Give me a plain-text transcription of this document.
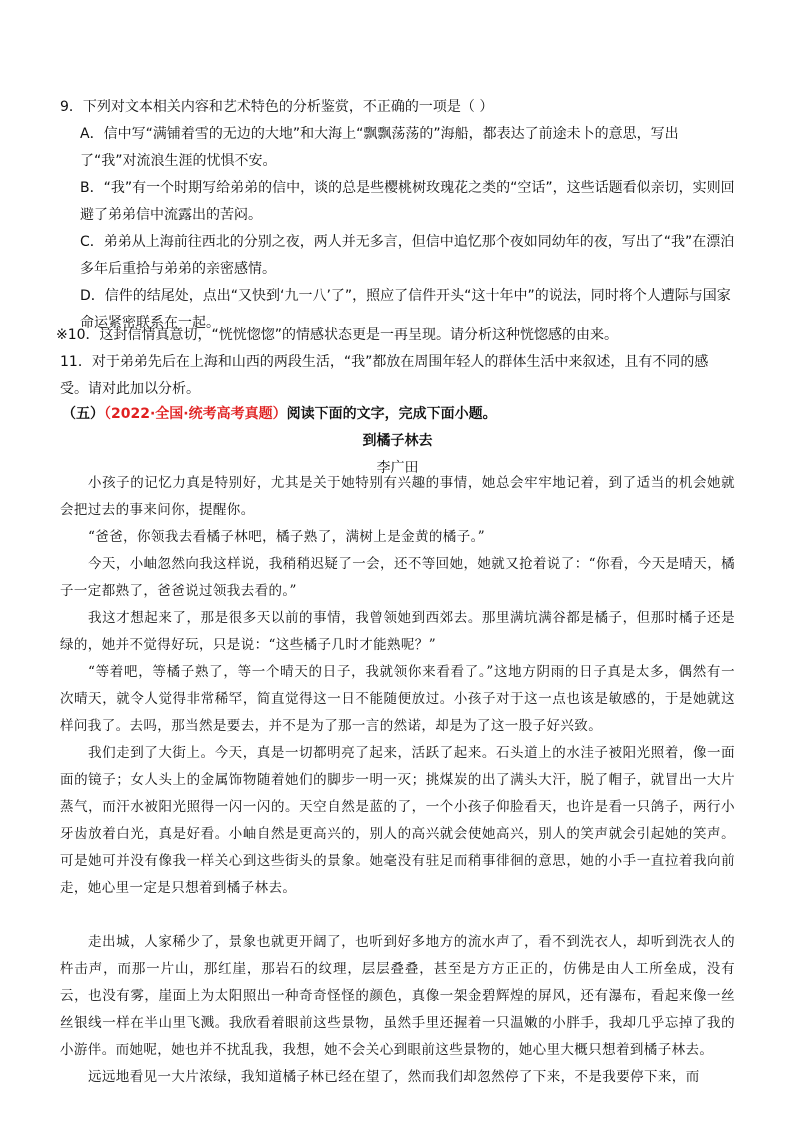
9．下列对文本相关内容和艺术特色的分析鉴赏，不正确的一项是（ ）
A．信中写“满铺着雪的无边的大地”和大海上“飘飘荡荡的”海船，都表达了前途未卜的意思，写出了“我”对流浪生涯的忧惧不安。
B．“我”有一个时期写给弟弟的信中，谈的总是些樱桃树玫瑰花之类的“空话”，这些话题看似亲切，实则回避了弟弟信中流露出的苦闷。
C．弟弟从上海前往西北的分别之夜，两人并无多言，但信中追忆那个夜如同幼年的夜，写出了“我”在漂泊多年后重拾与弟弟的亲密感情。
D．信件的结尾处，点出“又快到‘九一八’了”，照应了信件开头“这十年中”的说法，同时将个人遭际与国家命运紧密联系在一起。
※10．这封信情真意切，“恍恍惚惚”的情感状态更是一再呈现。请分析这种恍惚感的由来。
11．对于弟弟先后在上海和山西的两段生活，“我”都放在周围年轻人的群体生活中来叙述，且有不同的感受。请对此加以分析。
（五）（2022·全国·统考高考真题）阅读下面的文字，完成下面小题。
到橘子林去
李广田
小孩子的记忆力真是特别好，尤其是关于她特别有兴趣的事情，她总会牢牢地记着，到了适当的机会她就会把过去的事来问你，提醒你。
“爸爸，你领我去看橘子林吧，橘子熟了，满树上是金黄的橘子。”
今天，小岫忽然向我这样说，我稍稍迟疑了一会，还不等回她，她就又抢着说了：“你看，今天是晴天，橘子一定都熟了，爸爸说过领我去看的。”
我这才想起来了，那是很多天以前的事情，我曾领她到西郊去。那里满坑满谷都是橘子，但那时橘子还是绿的，她并不觉得好玩，只是说：“这些橘子几时才能熟呢？”
“等着吧，等橘子熟了，等一个晴天的日子，我就领你来看看了。”这地方阴雨的日子真是太多，偶然有一次晴天，就令人觉得非常稀罕，简直觉得这一日不能随便放过。小孩子对于这一点也该是敏感的，于是她就这样问我了。去吗，那当然是要去，并不是为了那一言的然诺，却是为了这一股子好兴致。
我们走到了大街上。今天，真是一切都明亮了起来，活跃了起来。石头道上的水洼子被阳光照着，像一面面的镜子；女人头上的金属饰物随着她们的脚步一明一灭；挑煤炭的出了满头大汗，脱了帽子，就冒出一大片蒸气，而汗水被阳光照得一闪一闪的。天空自然是蓝的了，一个小孩子仰脸看天，也许是看一只鸽子，两行小牙齿放着白光，真是好看。小岫自然是更高兴的，别人的高兴就会使她高兴，别人的笑声就会引起她的笑声。可是她可并没有像我一样关心到这些街头的景象。她毫没有驻足而稍事徘徊的意思，她的小手一直拉着我向前走，她心里一定是只想着到橘子林去。
走出城，人家稀少了，景象也就更开阔了，也听到好多地方的流水声了，看不到洗衣人，却听到洗衣人的杵击声，而那一片山，那红崖，那岩石的纹理，层层叠叠，甚至是方方正正的，仿佛是由人工所垒成，没有云，也没有雾，崖面上为太阳照出一种奇奇怪怪的颜色，真像一架金碧辉煌的屏风，还有瀑布，看起来像一丝丝银线一样在半山里飞溅。我欣看着眼前这些景物，虽然手里还握着一只温嫩的小胖手，我却几乎忘掉了我的小游伴。而她呢，她也并不扰乱我，我想，她不会关心到眼前这些景物的，她心里大概只想着到橘子林去。
远远地看见一大片浓绿，我知道橘子林已经在望了，然而我们却忽然停了下来，不是我要停下来，而
